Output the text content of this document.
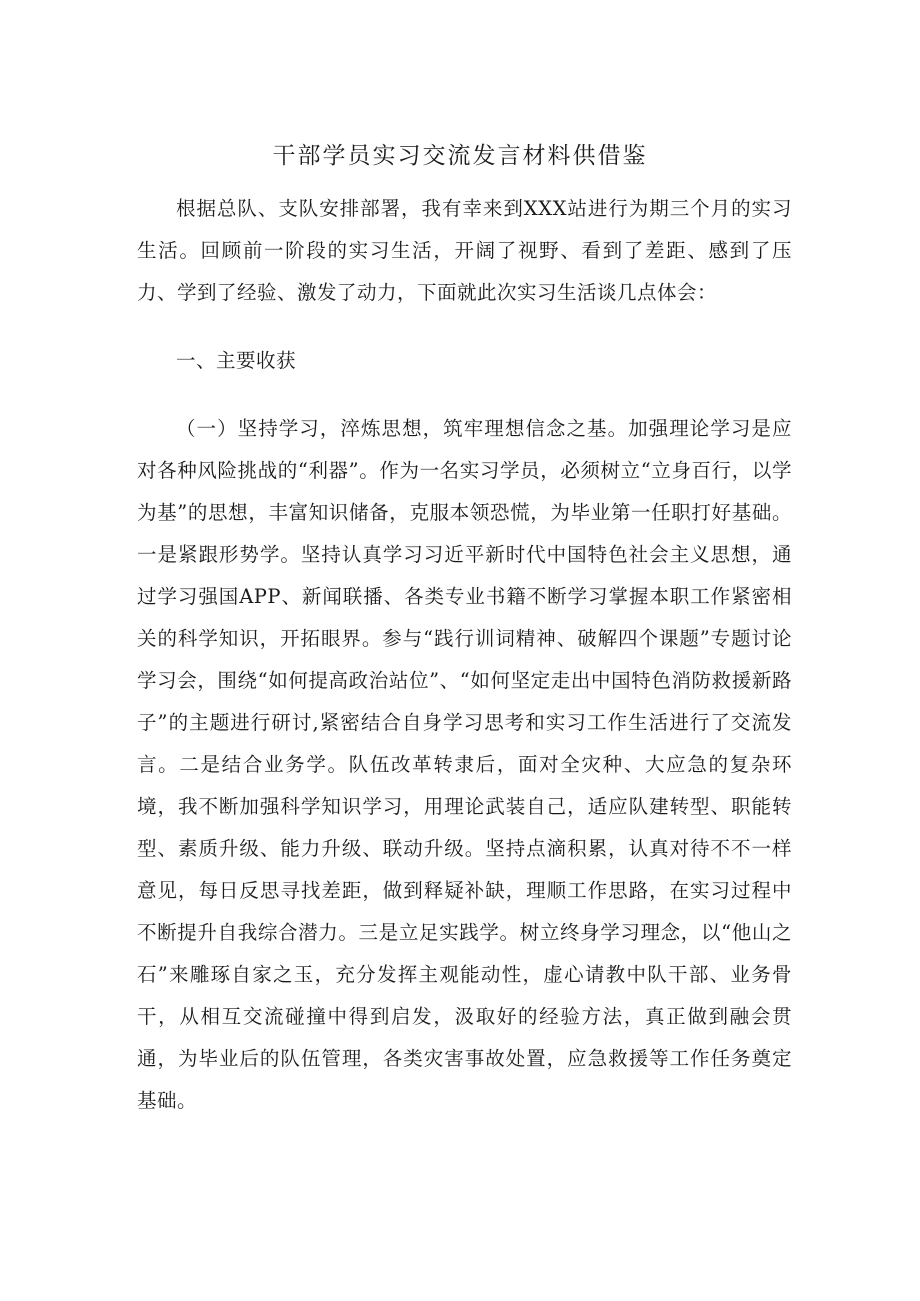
干部学员实习交流发言材料供借鉴

根据总队、支队安排部署，我有幸来到XXX站进行为期三个月的实习生活。回顾前一阶段的实习生活，开阔了视野、看到了差距、感到了压力、学到了经验、激发了动力，下面就此次实习生活谈几点体会：

一、主要收获

（一）坚持学习，淬炼思想，筑牢理想信念之基。加强理论学习是应对各种风险挑战的“利器”。作为一名实习学员，必须树立“立身百行，以学为基”的思想，丰富知识储备，克服本领恐慌，为毕业第一任职打好基础。一是紧跟形势学。坚持认真学习习近平新时代中国特色社会主义思想，通过学习强国APP、新闻联播、各类专业书籍不断学习掌握本职工作紧密相关的科学知识，开拓眼界。参与“践行训词精神、破解四个课题”专题讨论学习会，围绕“如何提高政治站位”、“如何坚定走出中国特色消防救援新路子”的主题进行研讨,紧密结合自身学习思考和实习工作生活进行了交流发言。二是结合业务学。队伍改革转隶后，面对全灾种、大应急的复杂环境，我不断加强科学知识学习，用理论武装自己，适应队建转型、职能转型、素质升级、能力升级、联动升级。坚持点滴积累，认真对待不不一样意见，每日反思寻找差距，做到释疑补缺，理顺工作思路，在实习过程中不断提升自我综合潜力。三是立足实践学。树立终身学习理念，以“他山之石”来雕琢自家之玉，充分发挥主观能动性，虚心请教中队干部、业务骨干，从相互交流碰撞中得到启发，汲取好的经验方法，真正做到融会贯通，为毕业后的队伍管理，各类灾害事故处置，应急救援等工作任务奠定基础。
